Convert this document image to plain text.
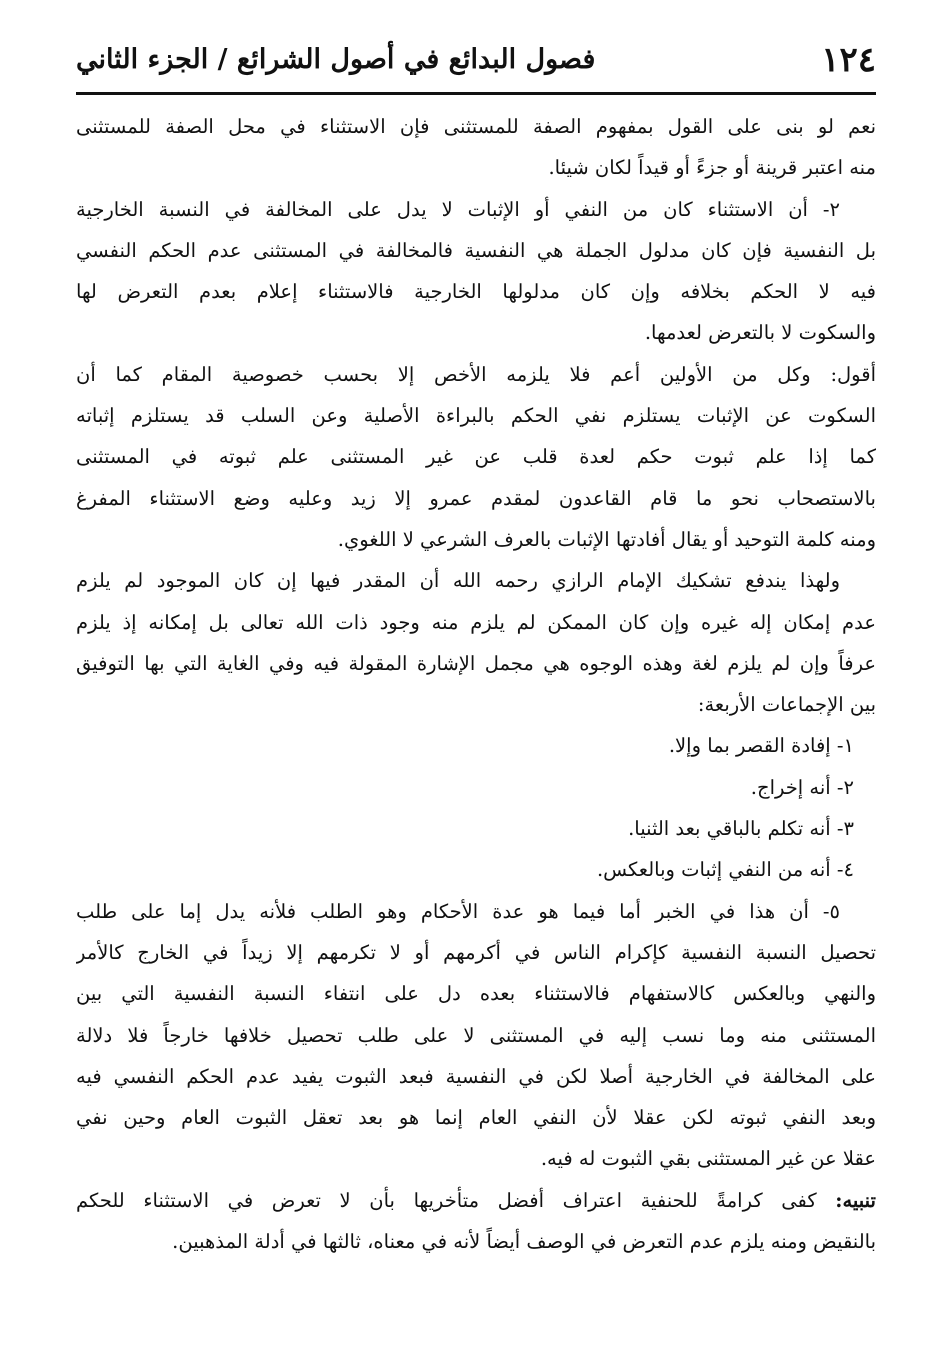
١٢٤
فصول البدائع في أصول الشرائع / الجزء الثاني
نعم لو بنى على القول بمفهوم الصفة للمستثنى فإن الاستثناء في محل الصفة للمستثنى
منه اعتبر قرينة أو جزءً أو قيداً لكان شيئا.
٢- أن الاستثناء كان من النفي أو الإثبات لا يدل على المخالفة في النسبة الخارجية
بل النفسية فإن كان مدلول الجملة هي النفسية فالمخالفة في المستثنى عدم الحكم النفسي
فيه لا الحكم بخلافه وإن كان مدلولها الخارجية فالاستثناء إعلام بعدم التعرض لها
والسكوت لا بالتعرض لعدمها.
أقول: وكل من الأولين أعم فلا يلزمه الأخص إلا بحسب خصوصية المقام كما أن
السكوت عن الإثبات يستلزم نفي الحكم بالبراءة الأصلية وعن السلب قد يستلزم إثباته
كما إذا علم ثبوت حكم لعدة قلب عن غير المستثنى علم ثبوته في المستثنى
بالاستصحاب نحو ما قام القاعدون لمقدم عمرو إلا زيد وعليه وضع الاستثناء المفرغ
ومنه كلمة التوحيد أو يقال أفادتها الإثبات بالعرف الشرعي لا اللغوي.
ولهذا يندفع تشكيك الإمام الرازي رحمه الله أن المقدر فيها إن كان الموجود لم يلزم
عدم إمكان إله غيره وإن كان الممكن لم يلزم منه وجود ذات الله تعالى بل إمكانه إذ يلزم
عرفاً وإن لم يلزم لغة وهذه الوجوه هي مجمل الإشارة المقولة فيه وفي الغاية التي بها التوفيق
بين الإجماعات الأربعة:
١- إفادة القصر بما وإلا.
٢- أنه إخراج.
٣- أنه تكلم بالباقي بعد الثنيا.
٤- أنه من النفي إثبات وبالعكس.
٥- أن هذا في الخبر أما فيما هو عدة الأحكام وهو الطلب فلأنه يدل إما على طلب
تحصيل النسبة النفسية كإكرام الناس في أكرمهم أو لا تكرمهم إلا زيداً في الخارج كالأمر
والنهي وبالعكس كالاستفهام فالاستثناء بعده دل على انتفاء النسبة النفسية التي بين
المستثنى منه وما نسب إليه في المستثنى لا على طلب تحصيل خلافها خارجاً فلا دلالة
على المخالفة في الخارجية أصلا لكن في النفسية فبعد الثبوت يفيد عدم الحكم النفسي فيه
وبعد النفي ثبوته لكن عقلا لأن النفي العام إنما هو بعد تعقل الثبوت العام وحين نفي
عقلا عن غير المستثنى بقي الثبوت له فيه.
تنبيه: كفى كرامةً للحنفية اعتراف أفضل متأخريها بأن لا تعرض في الاستثناء للحكم
بالنقيض ومنه يلزم عدم التعرض في الوصف أيضاً لأنه في معناه، ثالثها في أدلة المذهبين.
